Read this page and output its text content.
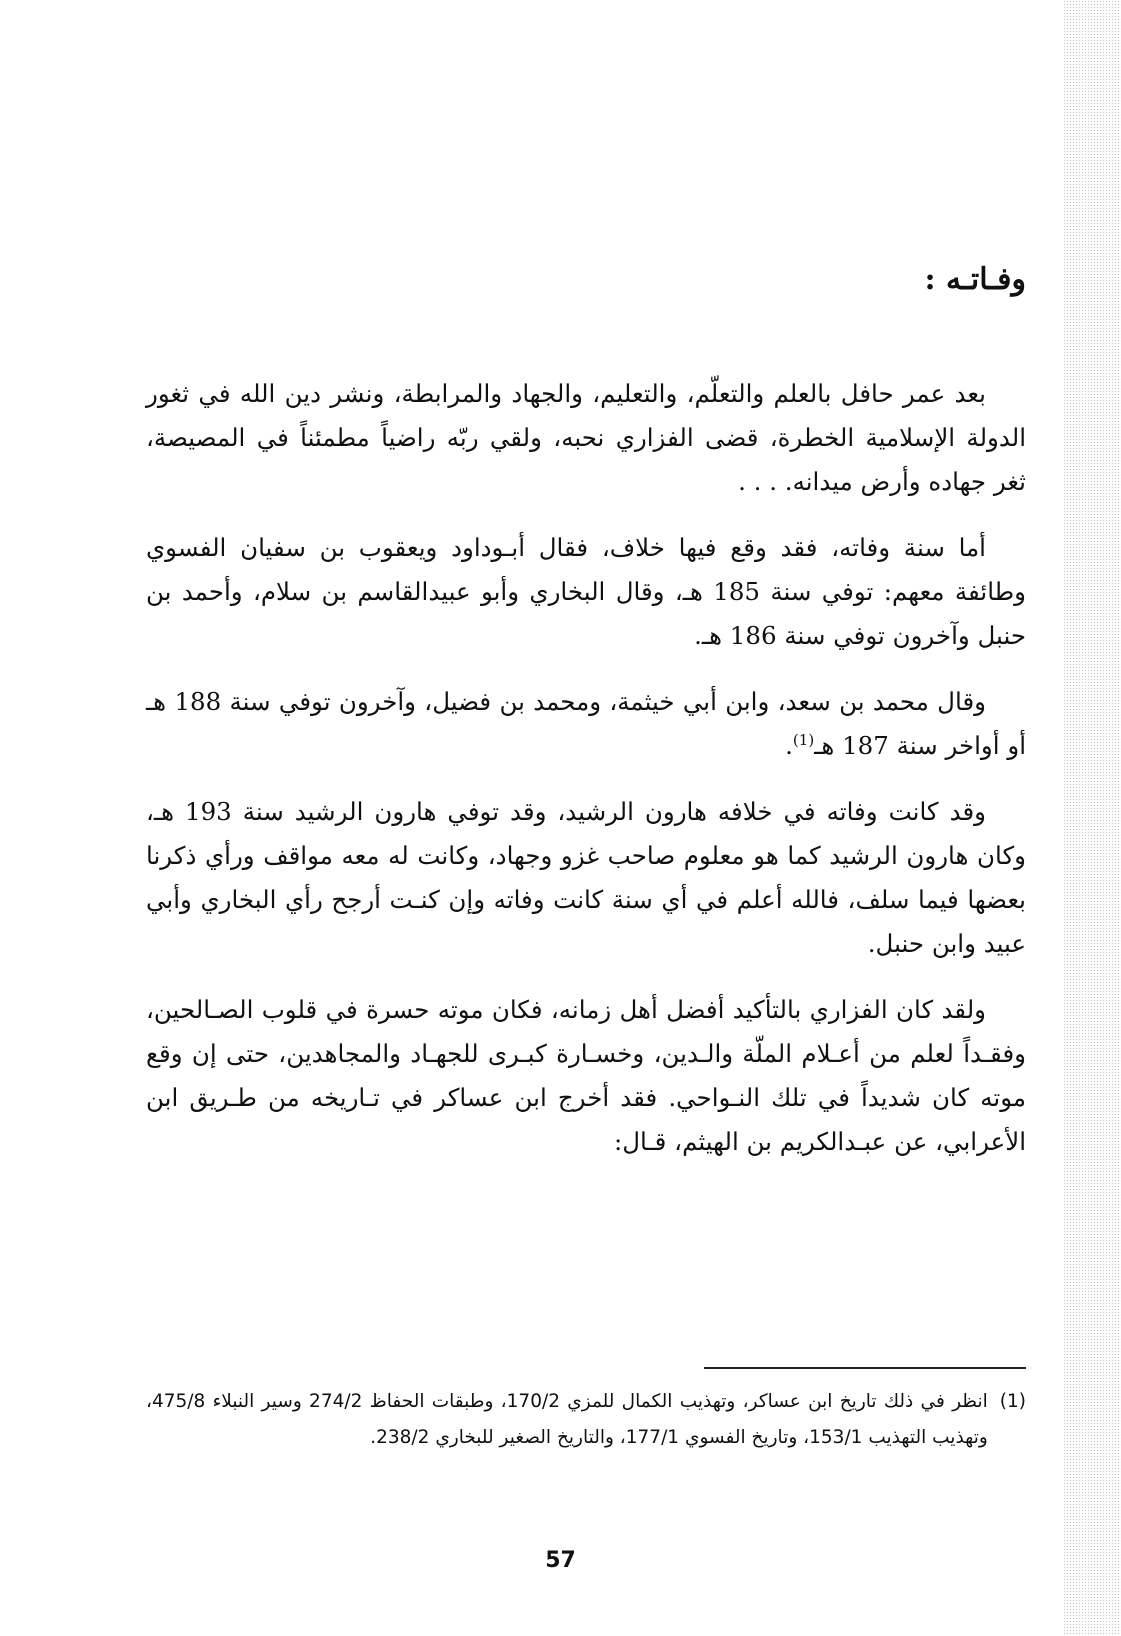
وفـاتـه :

بعد عمر حافل بالعلم والتعلّم، والتعليم، والجهاد والمرابطة، ونشر دين الله في ثغور الدولة الإسلامية الخطرة، قضى الفزاري نحبه، ولقي ربّه راضياً مطمئناً في المصيصة، ثغر جهاده وأرض ميدانه. . . .

أما سنة وفاته، فقد وقع فيها خلاف، فقال أبـوداود ويعقوب بن سفيان الفسوي وطائفة معهم: توفي سنة 185 هـ، وقال البخاري وأبو عبيدالقاسم بن سلام، وأحمد بن حنبل وآخرون توفي سنة 186 هـ.

وقال محمد بن سعد، وابن أبي خيثمة، ومحمد بن فضيل، وآخرون توفي سنة 188 هـ أو أواخر سنة 187 هـ$^{(1)}$.

وقد كانت وفاته في خلافه هارون الرشيد، وقد توفي هارون الرشيد سنة 193 هـ، وكان هارون الرشيد كما هو معلوم صاحب غزو وجهاد، وكانت له معه مواقف ورأي ذكرنا بعضها فيما سلف، فالله أعلم في أي سنة كانت وفاته وإن كنـت أرجح رأي البخاري وأبي عبيد وابن حنبل.

ولقد كان الفزاري بالتأكيد أفضل أهل زمانه، فكان موته حسرة في قلوب الصـالحين، وفقـداً لعلم من أعـلام الملّة والـدين، وخسـارة كبـرى للجهـاد والمجاهدين، حتى إن وقع موته كان شديداً في تلك النـواحي. فقد أخرج ابن عساكر في تـاريخه من طـريق ابن الأعرابي، عن عبـدالكريم بن الهيثم، قـال:

(1)
انظر في ذلك تاريخ ابن عساكر، وتهذيب الكمال للمزي 170/2، وطبقات الحفاظ 274/2 وسير النبلاء 475/8، وتهذيب التهذيب 153/1، وتاريخ الفسوي 177/1، والتاريخ الصغير للبخاري 238/2.
57
